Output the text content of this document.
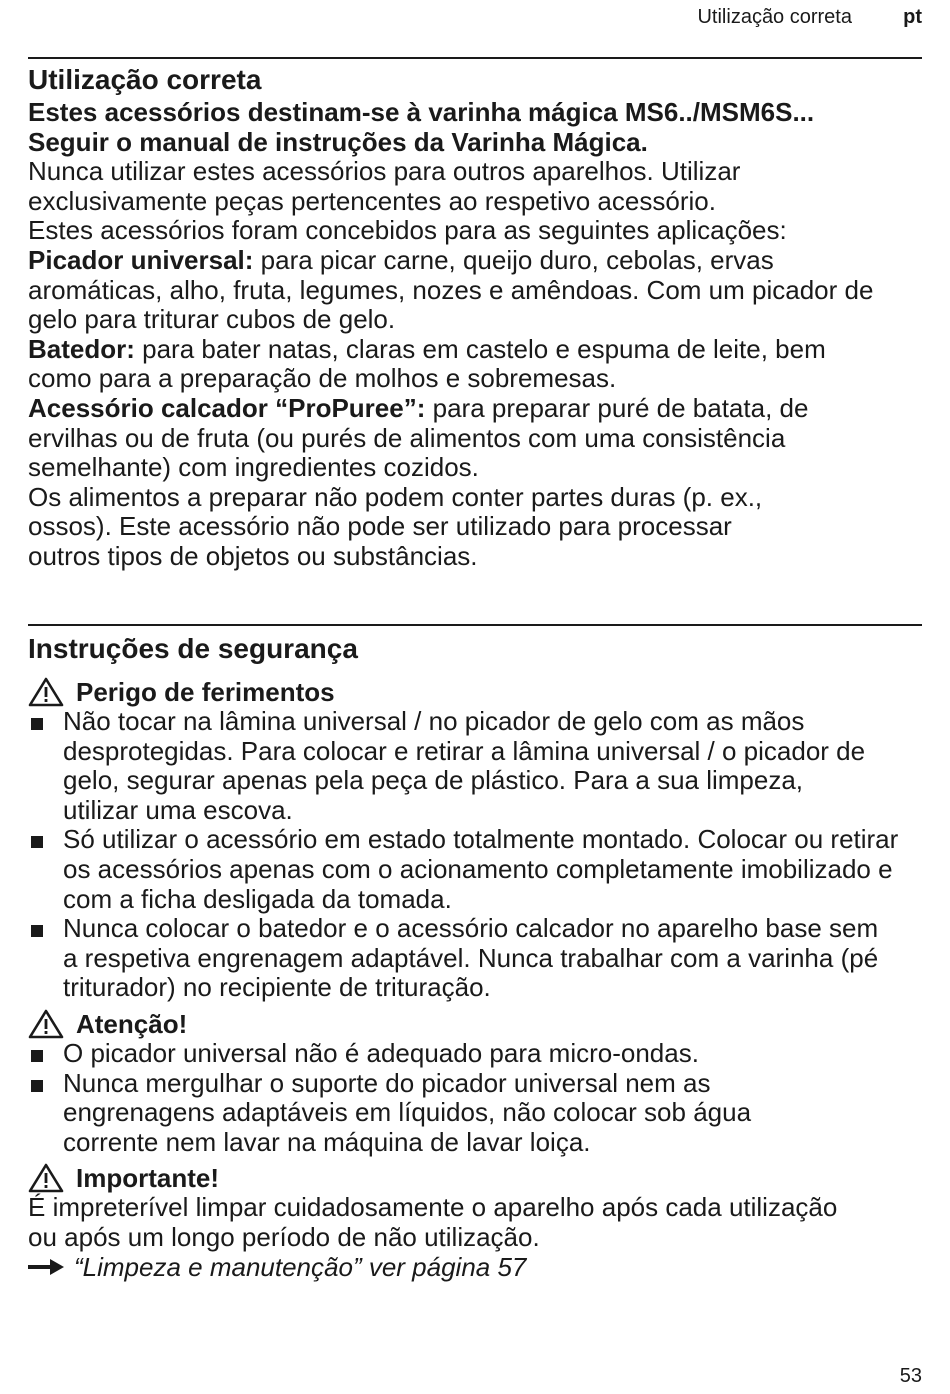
Utilização correta	pt
Utilização correta

Estes acessórios destinam-se à varinha mágica MS6../MSM6S... Seguir o manual de instruções da Varinha Mágica.

Nunca utilizar estes acessórios para outros aparelhos. Utilizar exclusivamente peças pertencentes ao respetivo acessório.

Estes acessórios foram concebidos para as seguintes aplicações:

Picador universal: para picar carne, queijo duro, cebolas, ervas aromáticas, alho, fruta, legumes, nozes e amêndoas. Com um picador de gelo para triturar cubos de gelo.

Batedor: para bater natas, claras em castelo e espuma de leite, bem como para a preparação de molhos e sobremesas.

Acessório calcador “ProPuree”: para preparar puré de batata, de ervilhas ou de fruta (ou purés de alimentos com uma consistência semelhante) com ingredientes cozidos.

Os alimentos a preparar não podem conter partes duras (p. ex., ossos). Este acessório não pode ser utilizado para processar outros tipos de objetos ou substâncias.

Instruções de segurança
Perigo de ferimentos
Não tocar na lâmina universal / no picador de gelo com as mãos desprotegidas. Para colocar e retirar a lâmina universal / o picador de gelo, segurar apenas pela peça de plástico. Para a sua limpeza, utilizar uma escova.
Só utilizar o acessório em estado totalmente montado. Colocar ou retirar os acessórios apenas com o acionamento completamente imobilizado e com a ficha desligada da tomada.
Nunca colocar o batedor e o acessório calcador no aparelho base sem a respetiva engrenagem adaptável. Nunca trabalhar com a varinha (pé triturador) no recipiente de trituração.
Atenção!
O picador universal não é adequado para micro-ondas.
Nunca mergulhar o suporte do picador universal nem as engrenagens adaptáveis em líquidos, não colocar sob água corrente nem lavar na máquina de lavar loiça.
Importante!

É impreterível limpar cuidadosamente o aparelho após cada utilização ou após um longo período de não utilização.

“Limpeza e manutenção” ver página 57
53
